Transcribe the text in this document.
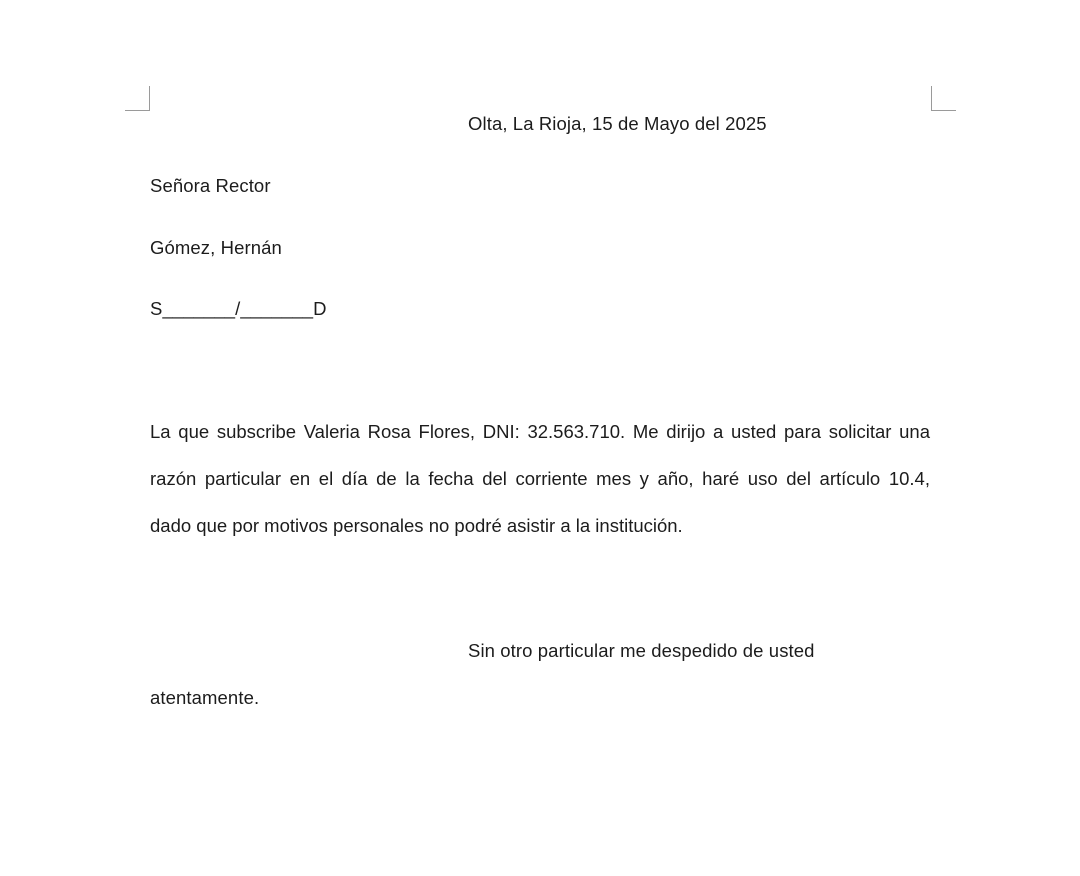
Olta, La Rioja, 15 de Mayo del 2025
Señora Rector
Gómez, Hernán
S_______/_______D
La que subscribe Valeria Rosa Flores, DNI: 32.563.710. Me dirijo a usted para solicitar una
razón particular en el día de la fecha del corriente mes y año, haré uso del artículo 10.4,
dado que por motivos personales no podré asistir a la institución.
Sin otro particular me despedido de usted
atentamente.
